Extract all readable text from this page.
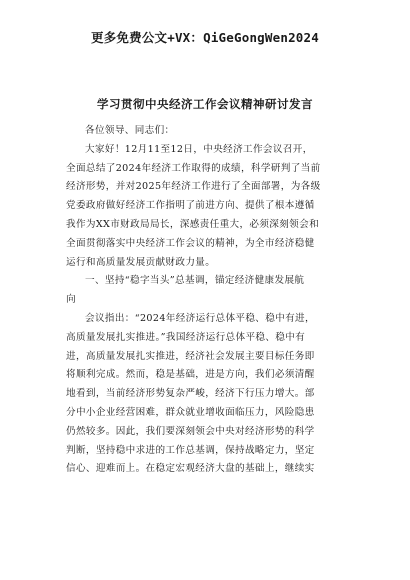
更多免费公文+VX：QiGeGongWen2024
学习贯彻中央经济工作会议精神研讨发言
各位领导、同志们：
大家好！12月11至12日，中央经济工作会议召开，
全面总结了2024年经济工作取得的成绩，科学研判了当前
经济形势，并对2025年经济工作进行了全面部署，为各级
党委政府做好经济工作指明了前进方向、提供了根本遵循
我作为XX市财政局局长，深感责任重大，必须深刻领会和
全面贯彻落实中央经济工作会议的精神，为全市经济稳健
运行和高质量发展贡献财政力量。
一、坚持“稳字当头”总基调，锚定经济健康发展航
向
会议指出：“2024年经济运行总体平稳、稳中有进，
高质量发展扎实推进。”我国经济运行总体平稳、稳中有
进，高质量发展扎实推进，经济社会发展主要目标任务即
将顺利完成。然而，稳是基础，进是方向，我们必须清醒
地看到，当前经济形势复杂严峻，经济下行压力增大。部
分中小企业经营困难，群众就业增收面临压力，风险隐患
仍然较多。因此，我们要深刻领会中央对经济形势的科学
判断，坚持稳中求进的工作总基调，保持战略定力，坚定
信心、迎难而上。在稳定宏观经济大盘的基础上，继续实
